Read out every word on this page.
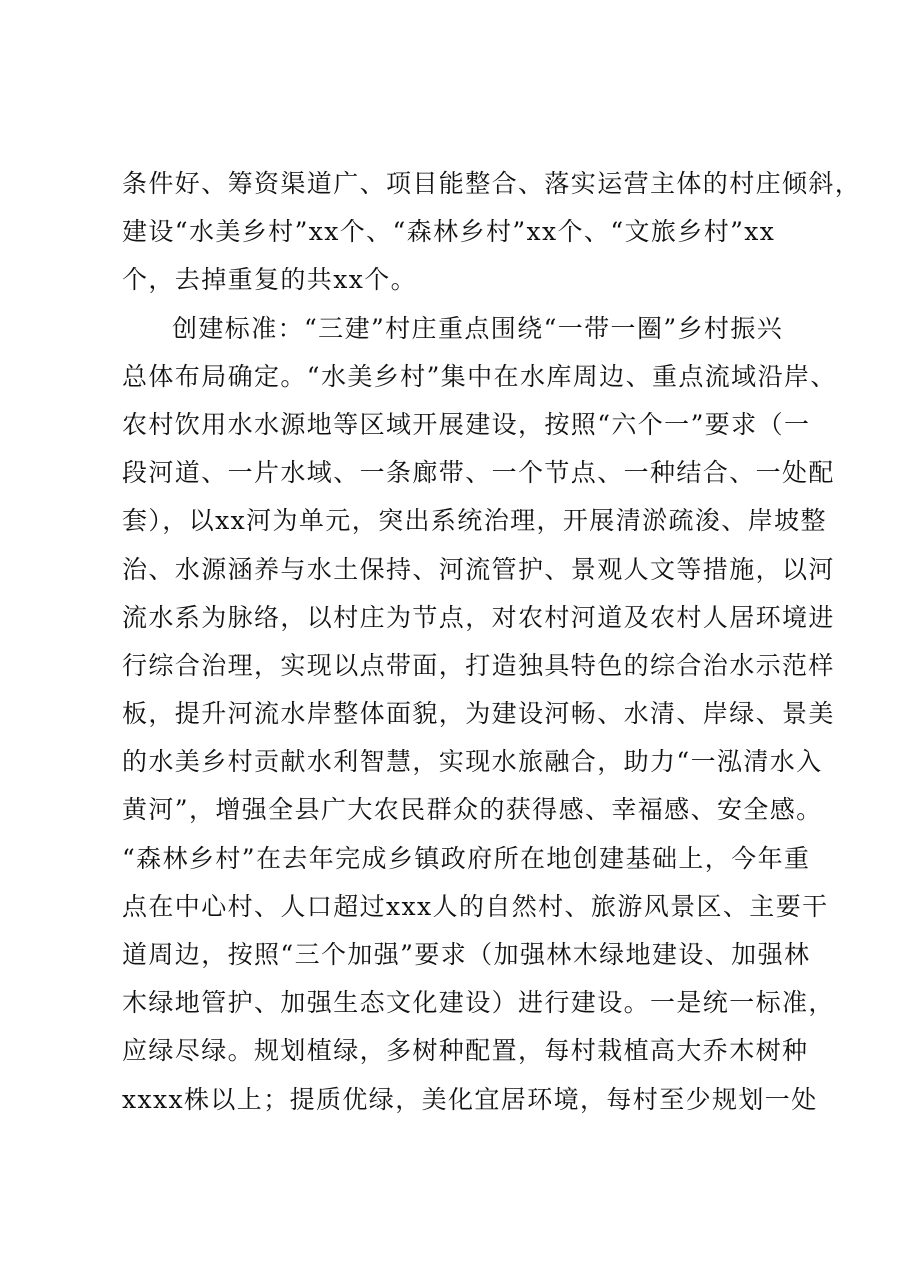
条件好、筹资渠道广、项目能整合、落实运营主体的村庄倾斜，
建设“水美乡村”xx个、“森林乡村”xx个、“文旅乡村”xx
个，去掉重复的共xx个。
创建标准：“三建”村庄重点围绕“一带一圈”乡村振兴
总体布局确定。“水美乡村”集中在水库周边、重点流域沿岸、
农村饮用水水源地等区域开展建设，按照“六个一”要求（一
段河道、一片水域、一条廊带、一个节点、一种结合、一处配
套），以xx河为单元，突出系统治理，开展清淤疏浚、岸坡整
治、水源涵养与水土保持、河流管护、景观人文等措施，以河
流水系为脉络，以村庄为节点，对农村河道及农村人居环境进
行综合治理，实现以点带面，打造独具特色的综合治水示范样
板，提升河流水岸整体面貌，为建设河畅、水清、岸绿、景美
的水美乡村贡献水利智慧，实现水旅融合，助力“一泓清水入
黄河”，增强全县广大农民群众的获得感、幸福感、安全感。
“森林乡村”在去年完成乡镇政府所在地创建基础上，今年重
点在中心村、人口超过xxx人的自然村、旅游风景区、主要干
道周边，按照“三个加强”要求（加强林木绿地建设、加强林
木绿地管护、加强生态文化建设）进行建设。一是统一标准，
应绿尽绿。规划植绿，多树种配置，每村栽植高大乔木树种
xxxx株以上；提质优绿，美化宜居环境，每村至少规划一处
